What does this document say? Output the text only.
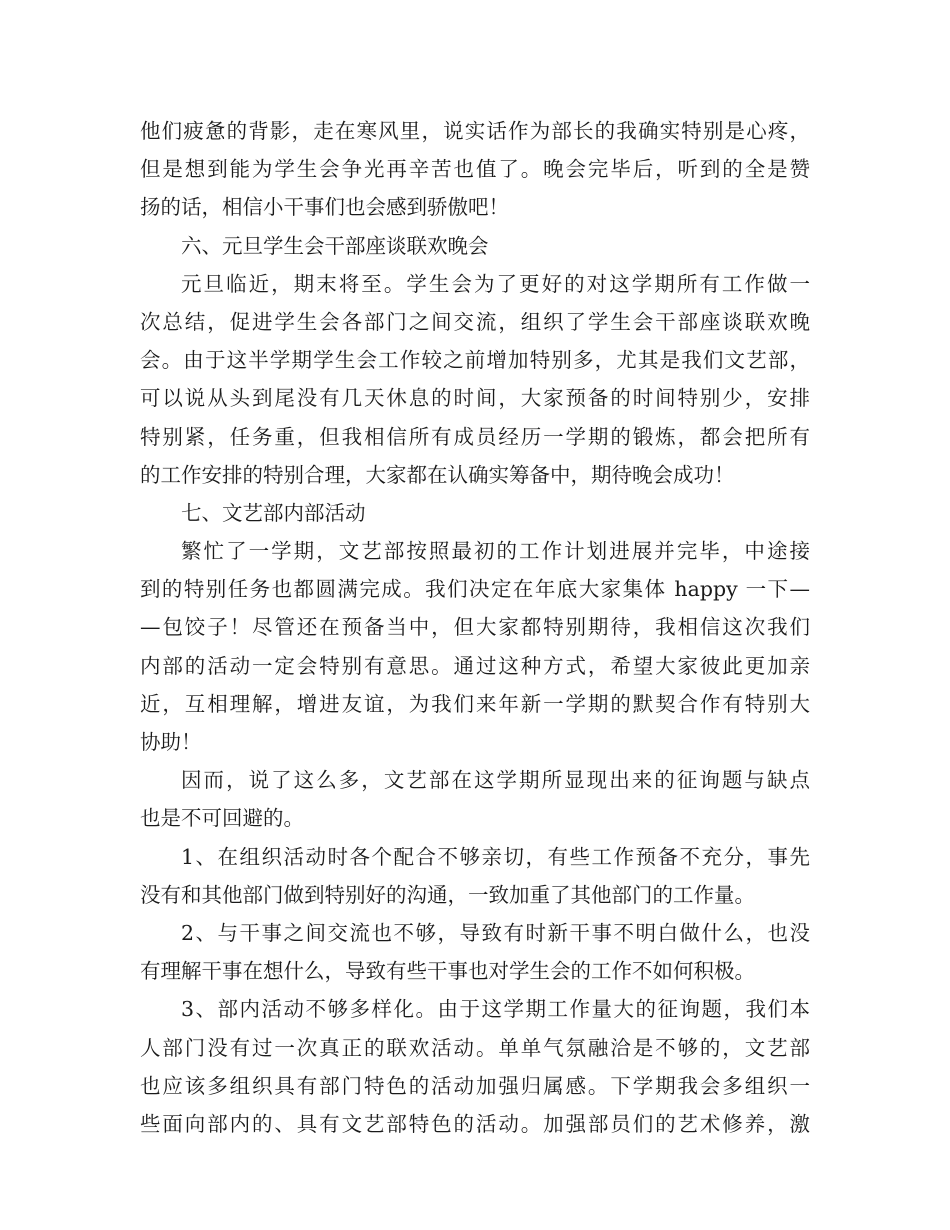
他们疲惫的背影，走在寒风里，说实话作为部长的我确实特别是心疼，
但是想到能为学生会争光再辛苦也值了。晚会完毕后，听到的全是赞
扬的话，相信小干事们也会感到骄傲吧！
六、元旦学生会干部座谈联欢晚会
元旦临近，期末将至。学生会为了更好的对这学期所有工作做一
次总结，促进学生会各部门之间交流，组织了学生会干部座谈联欢晚
会。由于这半学期学生会工作较之前增加特别多，尤其是我们文艺部，
可以说从头到尾没有几天休息的时间，大家预备的时间特别少，安排
特别紧，任务重，但我相信所有成员经历一学期的锻炼，都会把所有
的工作安排的特别合理，大家都在认确实筹备中，期待晚会成功！
七、文艺部内部活动
繁忙了一学期，文艺部按照最初的工作计划进展并完毕，中途接
到的特别任务也都圆满完成。我们决定在年底大家集体 happy 一下—
—包饺子！尽管还在预备当中，但大家都特别期待，我相信这次我们
内部的活动一定会特别有意思。通过这种方式，希望大家彼此更加亲
近，互相理解，增进友谊，为我们来年新一学期的默契合作有特别大
协助！
因而，说了这么多，文艺部在这学期所显现出来的征询题与缺点
也是不可回避的。
1、在组织活动时各个配合不够亲切，有些工作预备不充分，事先
没有和其他部门做到特别好的沟通，一致加重了其他部门的工作量。
2、与干事之间交流也不够，导致有时新干事不明白做什么，也没
有理解干事在想什么，导致有些干事也对学生会的工作不如何积极。
3、部内活动不够多样化。由于这学期工作量大的征询题，我们本
人部门没有过一次真正的联欢活动。单单气氛融洽是不够的，文艺部
也应该多组织具有部门特色的活动加强归属感。下学期我会多组织一
些面向部内的、具有文艺部特色的活动。加强部员们的艺术修养，激
